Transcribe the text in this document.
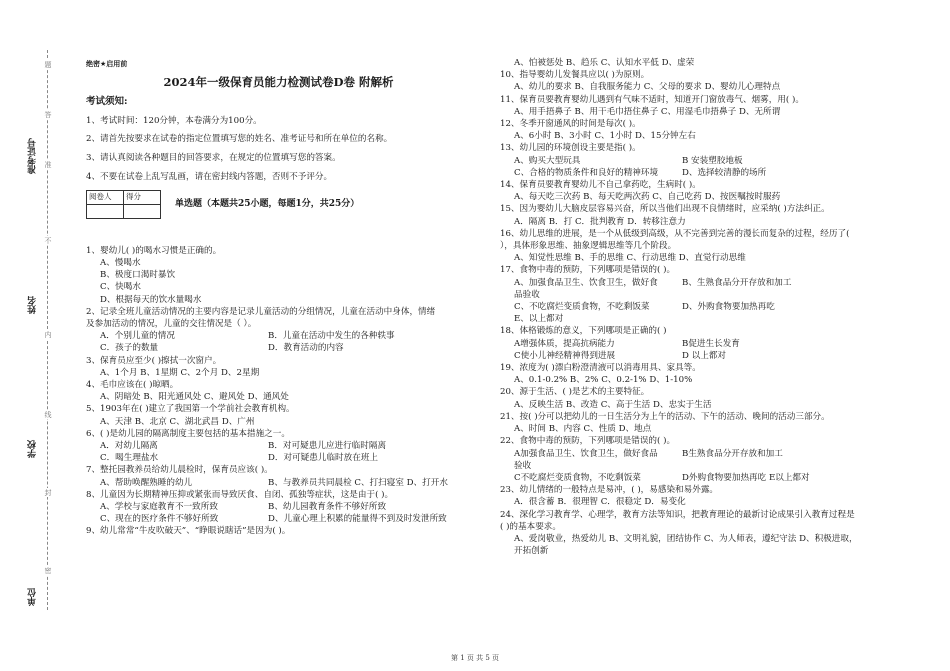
准考证号
姓名
学校
单位
题
答
准
不
内
线
封
密
绝密★启用前
2024年一级保育员能力检测试卷D卷 附解析
考试须知:
1、考试时间：120分钟，本卷满分为100分。
2、请首先按要求在试卷的指定位置填写您的姓名、准考证号和所在单位的名称。
3、请认真阅读各种题目的回答要求，在规定的位置填写您的答案。
4、不要在试卷上乱写乱画，请在密封线内答题，否则不予评分。
阅卷人	得分

单选题（本题共25小题，每题1分，共25分）
1、婴幼儿( )的喝水习惯是正确的。
A、慢喝水
B、极度口渴时暴饮
C、快喝水
D、根据每天的饮水量喝水
2、记录全班儿童活动情况的主要内容是记录儿童活动的分组情况，儿童在活动中身体，情绪
及参加活动的情况，儿童的交往情况是（ ）。
A．个别儿童的情况	B．儿童在活动中发生的各种轶事
C．孩子的数量	D．教育活动的内容
3、保育员应至少( )擦拭一次窗户。
A、1个月 B、1星期 C、2个月 D、2星期
4、毛巾应该在( )晾晒。
A、阴暗处 B、阳光通风处 C、避风处 D、通风处
5、1903年在( )建立了我国第一个学前社会教育机构。
A、天津 B、北京 C、湖北武昌 D、广州
6、( )是幼儿园的隔离制度主要包括的基本措施之一。
A．对幼儿隔离	B．对可疑患儿应进行临时隔离
C．喝生理盐水	D．对可疑患儿临时放在班上
7、整托园教养员给幼儿晨检时，保育员应该( )。
A、帮助唤醒熟睡的幼儿	B、与教养员共同晨检 C、打扫寝室 D、打开水
8、儿童因为长期精神压抑或紧张而导致厌食、自闭、孤独等症状，这是由于( )。
A、学校与家庭教育不一致所致	B、幼儿园教育条件不够好所致
C、现在的医疗条件不够好所致	D、儿童心理上积累的能量得不到及时发泄所致
9、幼儿常常“牛皮吹破天”、“睁眼说瞎话”是因为( )。
A、怕被惩处 B、趋乐 C、认知水平低 D、虚荣
10、指导婴幼儿发餐具应以( )为原则。
A、幼儿的要求 B、自我服务能力 C、父母的要求 D、婴幼儿心理特点
11、保育员要教育婴幼儿遇到有气味不适时，知道开门窗放毒气、烟雾，用( )。
A、用手捂鼻子 B、用干毛巾捂住鼻子 C、用湿毛巾捂鼻子 D、无所谓
12、冬季开窗通风的时间是每次( )。
A、6小时 B、3小时 C、1小时 D、15分钟左右
13、幼儿园的环境创设主要是指( )。
A、购买大型玩具	B 安装塑胶地板
C、合格的物质条件和良好的精神环境	D、选择较清静的场所
14、保育员要教育婴幼儿不自己拿药吃，生病时( )。
A、每天吃三次药 B、每天吃两次药 C、自己吃药 D、按医嘱按时服药
15、因为婴幼儿大脑皮层容易兴奋，所以当他们出现不良情绪时，应采纳( )方法纠正。
A．隔离 B．打 C．批判教育 D．转移注意力
16、幼儿思维的进展，是一个从低级到高级，从不完善到完善的漫长而复杂的过程，经历了(
），具体形象思维、抽象逻辑思维等几个阶段。
A、知觉性思维 B、手的思维 C、行动思维 D、直觉行动思维
17、食物中毒的预防，下列哪项是错误的( )。
A、加强食品卫生、饮食卫生，做好食品验收
B、生熟食品分开存放和加工
C、不吃腐烂变质食物，不吃剩饭菜	D、外购食物要加热再吃
E、以上都对
18、体格锻炼的意义，下列哪项是正确的( )
A增强体质，提高抗病能力	B促进生长发育
C使小儿神经精神得到进展	D 以上都对
19、浓度为( )漂白粉澄清液可以消毒用具、家具等。
A、0.1-0.2% B、2% C、0.2-1% D、1-10%
20、源于生活、( )是艺术的主要特征。
A、反映生活 B、改造 C、高于生活 D、忠实于生活
21、按( )分可以把幼儿的一日生活分为上午的活动、下午的活动、晚间的活动三部分。
A、时间 B、内容 C、性质 D、地点
22、食物中毒的预防，下列哪项是错误的( )。
A加强食品卫生、饮食卫生，做好食品验收
B生熟食品分开存放和加工
C不吃腐烂变质食物，不吃剩饭菜	D外购食物要加热再吃 E以上都对
23、幼儿情绪的一般特点是易冲，( )，易感染和易外露。
A．很含蓄 B．很理智 C．很稳定 D．易变化
24、深化学习教育学、心理学，教育方法等知识，把教育理论的最新讨论成果引入教育过程是
( )的基本要求。
A、爱岗敬业，热爱幼儿 B、文明礼貌，团结协作 C、为人师表，遵纪守法 D、积极进取，
开拓创新
第 1 页 共 5 页
